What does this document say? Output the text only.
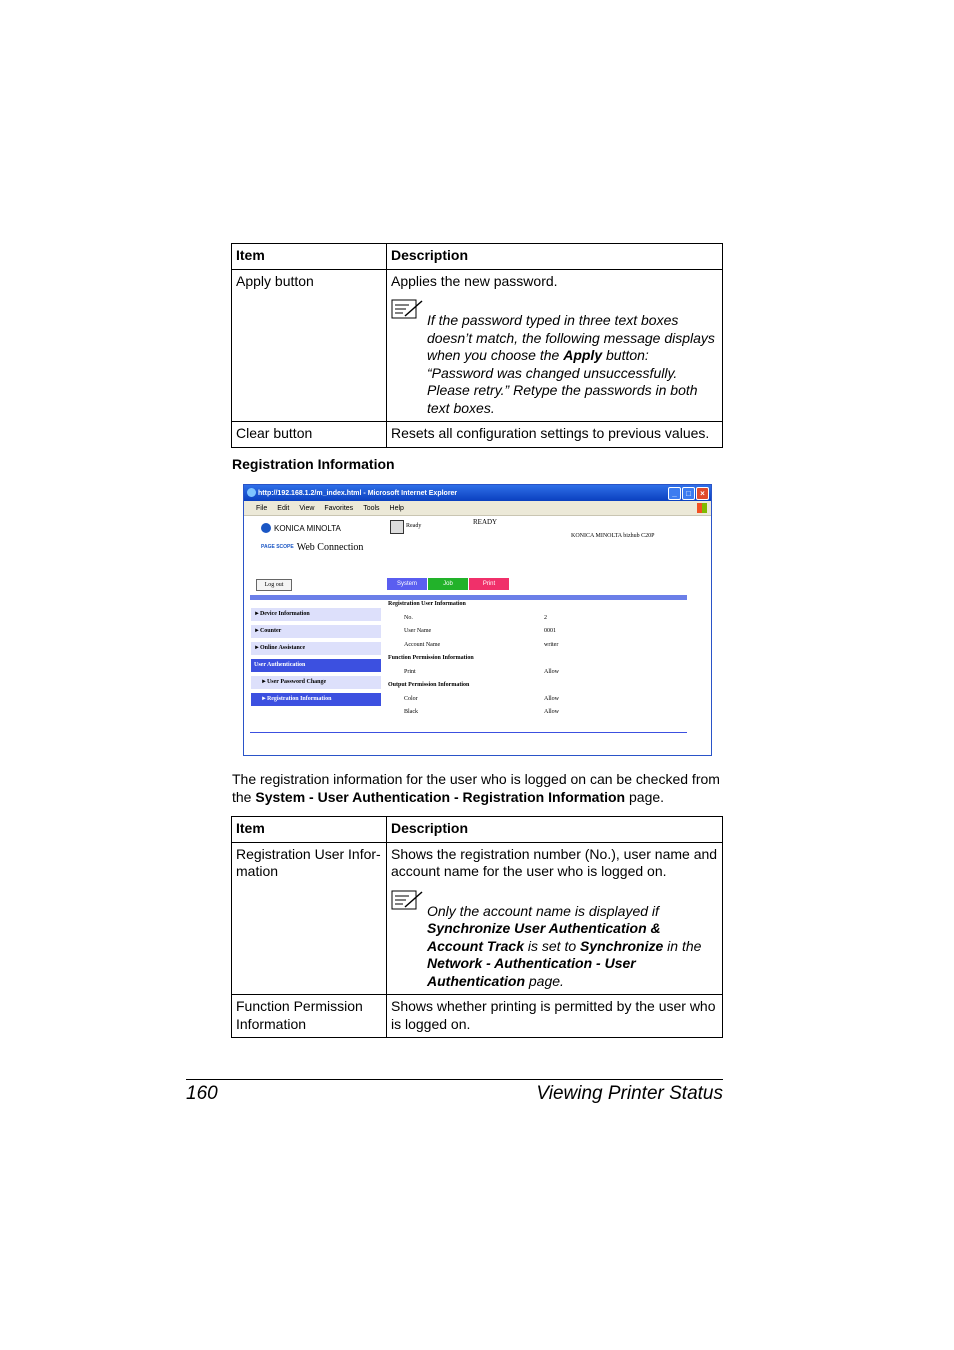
Item	Description
Apply button	Applies the new password.
If the password typed in three text boxes doesn’t match, the following message displays when you choose the Apply button: “Password was changed unsuccessfully. Please retry.” Retype the passwords in both text boxes.

Clear button	Resets all configuration settings to previous values.
Registration Information
http://192.168.1.2/m_index.html - Microsoft Internet Explorer	_	□	×
File Edit View Favorites Tools Help
KONICA MINOLTA
PAGE SCOPE Web Connection
Ready	READY
KONICA MINOLTA bizhub C20P
Log out	System	Job	Print
►Device Information
►Counter
►Online Assistance
User Authentication
►User Password Change
►Registration Information
Registration User Information
No.	2
User Name	0001
Account Name	writer
Function Permission Information
Print	Allow
Output Permission Information
Color	Allow
Black	Allow
The registration information for the user who is logged on can be checked from the System - User Authentication - Registration Information page.
Item	Description
Registration User Infor-mation	Shows the registration number (No.), user name and account name for the user who is logged on.
Only the account name is displayed if Synchronize User Authentication & Account Track is set to Synchronize in the Network - Authentication - User Authentication page.

Function Permission Information	Shows whether printing is permitted by the user who is logged on.
160	Viewing Printer Status
